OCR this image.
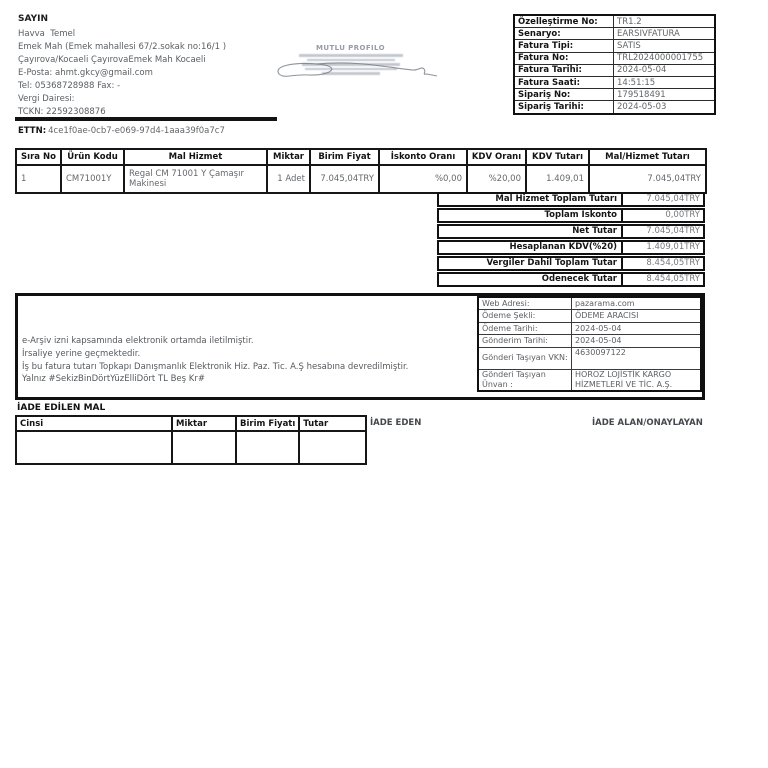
SAYIN
Havva  Temel
Emek Mah (Emek mahallesi 67/2.sokak no:16/1 )
Çayırova/Kocaeli ÇayırovaEmek Mah Kocaeli
E-Posta: ahmt.gkcy@gmail.com
Tel: 05368728988 Fax: -
Vergi Dairesi:
TCKN: 22592308876
MUTLU PROFILO
Özelleştirme No:	TR1.2
Senaryo:	EARSIVFATURA
Fatura Tipi:	SATIS
Fatura No:	TRL2024000001755
Fatura Tarihi:	2024-05-04
Fatura Saati:	14:51:15
Sipariş No:	179518491
Sipariş Tarihi:	2024-05-03
ETTN: 4ce1f0ae-0cb7-e069-97d4-1aaa39f0a7c7
Sıra No	Ürün Kodu	Mal Hizmet	Miktar	Birim Fiyat	İskonto Oranı	KDV Oranı	KDV Tutarı	Mal/Hizmet Tutarı
1	CM71001Y	Regal CM 71001 Y Çamaşır Makinesi	1 Adet	7.045,04TRY	%0,00	%20,00	1.409,01	7.045,04TRY
Mal Hizmet Toplam Tutarı	7.045,04TRY
Toplam İskonto	0,00TRY
Net Tutar	7.045,04TRY
Hesaplanan KDV(%20)	1.409,01TRY
Vergiler Dahil Toplam Tutar	8.454,05TRY
Ödenecek Tutar	8.454,05TRY
e-Arşiv izni kapsamında elektronik ortamda iletilmiştir.
İrsaliye yerine geçmektedir.
İş bu fatura tutarı Topkapı Danışmanlık Elektronik Hiz. Paz. Tic. A.Ş hesabına devredilmiştir.
Yalnız #SekizBinDörtYüzElliDört TL Beş Kr#
Web Adresi:	pazarama.com
Ödeme Şekli:	ÖDEME ARACISI
Ödeme Tarihi:	2024-05-04
Gönderim Tarihi:	2024-05-04
Gönderi Taşıyan VKN:	4630097122
Gönderi Taşıyan Ünvan :	HOROZ LOJİSTİK KARGO HİZMETLERİ VE TİC. A.Ş.
İADE EDİLEN MAL
Cinsi	Miktar	Birim Fiyatı	Tutar
				İADE EDEN	İADE ALAN/ONAYLAYAN
